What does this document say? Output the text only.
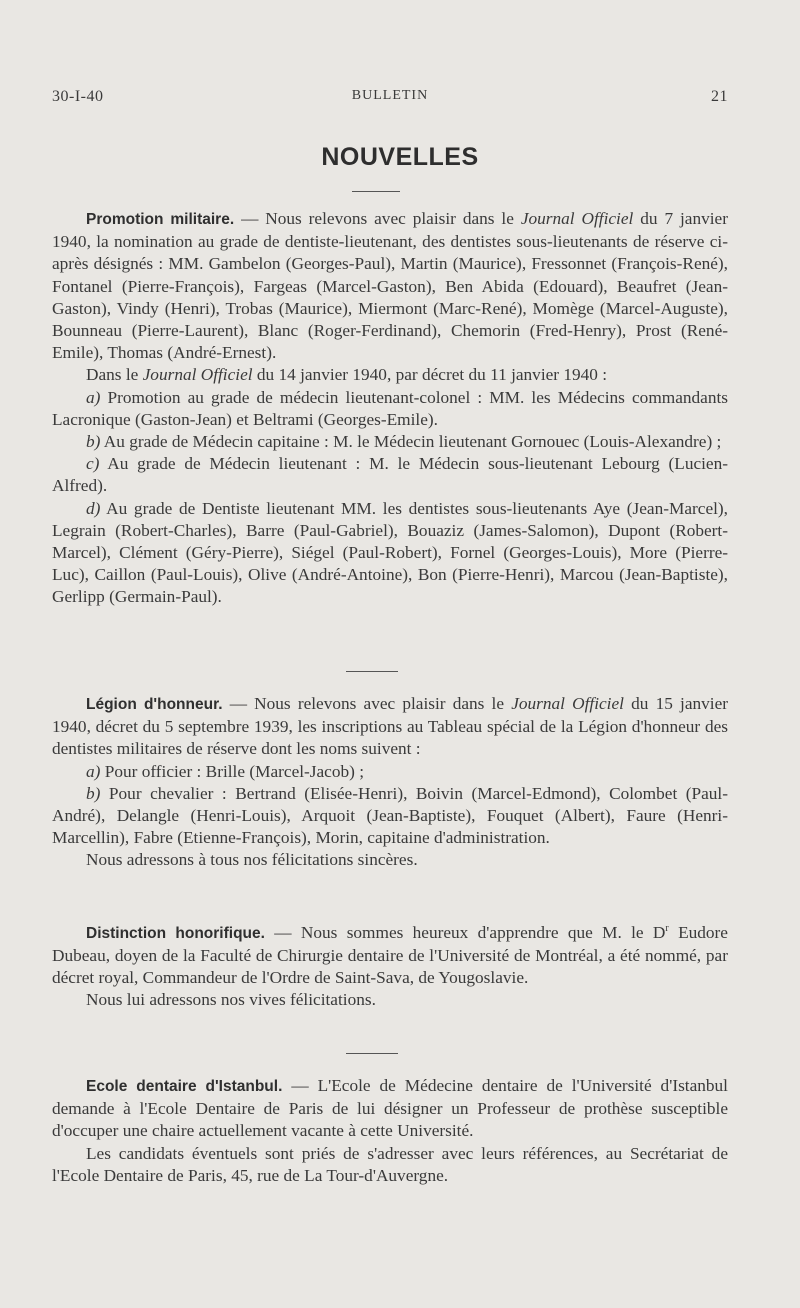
30-I-40	BULLETIN	21
NOUVELLES

Promotion militaire. — Nous relevons avec plaisir dans le Journal Officiel du 7 janvier 1940, la nomination au grade de dentiste-lieutenant, des dentistes sous-lieutenants de réserve ci-après désignés : MM. Gambelon (Georges-Paul), Martin (Maurice), Fressonnet (François-René), Fontanel (Pierre-François), Fargeas (Marcel-Gaston), Ben Abida (Edouard), Beaufret (Jean-Gaston), Vindy (Henri), Trobas (Maurice), Miermont (Marc-René), Momège (Marcel-Auguste), Bounneau (Pierre-Laurent), Blanc (Roger-Ferdinand), Chemorin (Fred-Henry), Prost (René-Emile), Thomas (André-Ernest).

Dans le Journal Officiel du 14 janvier 1940, par décret du 11 janvier 1940 :

a) Promotion au grade de médecin lieutenant-colonel : MM. les Médecins commandants Lacronique (Gaston-Jean) et Beltrami (Georges-Emile).

b) Au grade de Médecin capitaine : M. le Médecin lieutenant Gornouec (Louis-Alexandre) ;

c) Au grade de Médecin lieutenant : M. le Médecin sous-lieutenant Lebourg (Lucien-Alfred).

d) Au grade de Dentiste lieutenant MM. les dentistes sous-lieutenants Aye (Jean-Marcel), Legrain (Robert-Charles), Barre (Paul-Gabriel), Bouaziz (James-Salomon), Dupont (Robert-Marcel), Clément (Géry-Pierre), Siégel (Paul-Robert), Fornel (Georges-Louis), More (Pierre-Luc), Caillon (Paul-Louis), Olive (André-Antoine), Bon (Pierre-Henri), Marcou (Jean-Baptiste), Gerlipp (Germain-Paul).

Légion d'honneur. — Nous relevons avec plaisir dans le Journal Officiel du 15 janvier 1940, décret du 5 septembre 1939, les inscriptions au Tableau spécial de la Légion d'honneur des dentistes militaires de réserve dont les noms suivent :

a) Pour officier : Brille (Marcel-Jacob) ;

b) Pour chevalier : Bertrand (Elisée-Henri), Boivin (Marcel-Edmond), Colombet (Paul-André), Delangle (Henri-Louis), Arquoit (Jean-Baptiste), Fouquet (Albert), Faure (Henri-Marcellin), Fabre (Etienne-François), Morin, capitaine d'administration.

Nous adressons à tous nos félicitations sincères.

Distinction honorifique. — Nous sommes heureux d'apprendre que M. le $D^r$ Eudore Dubeau, doyen de la Faculté de Chirurgie dentaire de l'Université de Montréal, a été nommé, par décret royal, Commandeur de l'Ordre de Saint-Sava, de Yougoslavie.

Nous lui adressons nos vives félicitations.

Ecole dentaire d'Istanbul. — L'Ecole de Médecine dentaire de l'Université d'Istanbul demande à l'Ecole Dentaire de Paris de lui désigner un Professeur de prothèse susceptible d'occuper une chaire actuellement vacante à cette Université.

Les candidats éventuels sont priés de s'adresser avec leurs références, au Secrétariat de l'Ecole Dentaire de Paris, 45, rue de La Tour-d'Auvergne.
